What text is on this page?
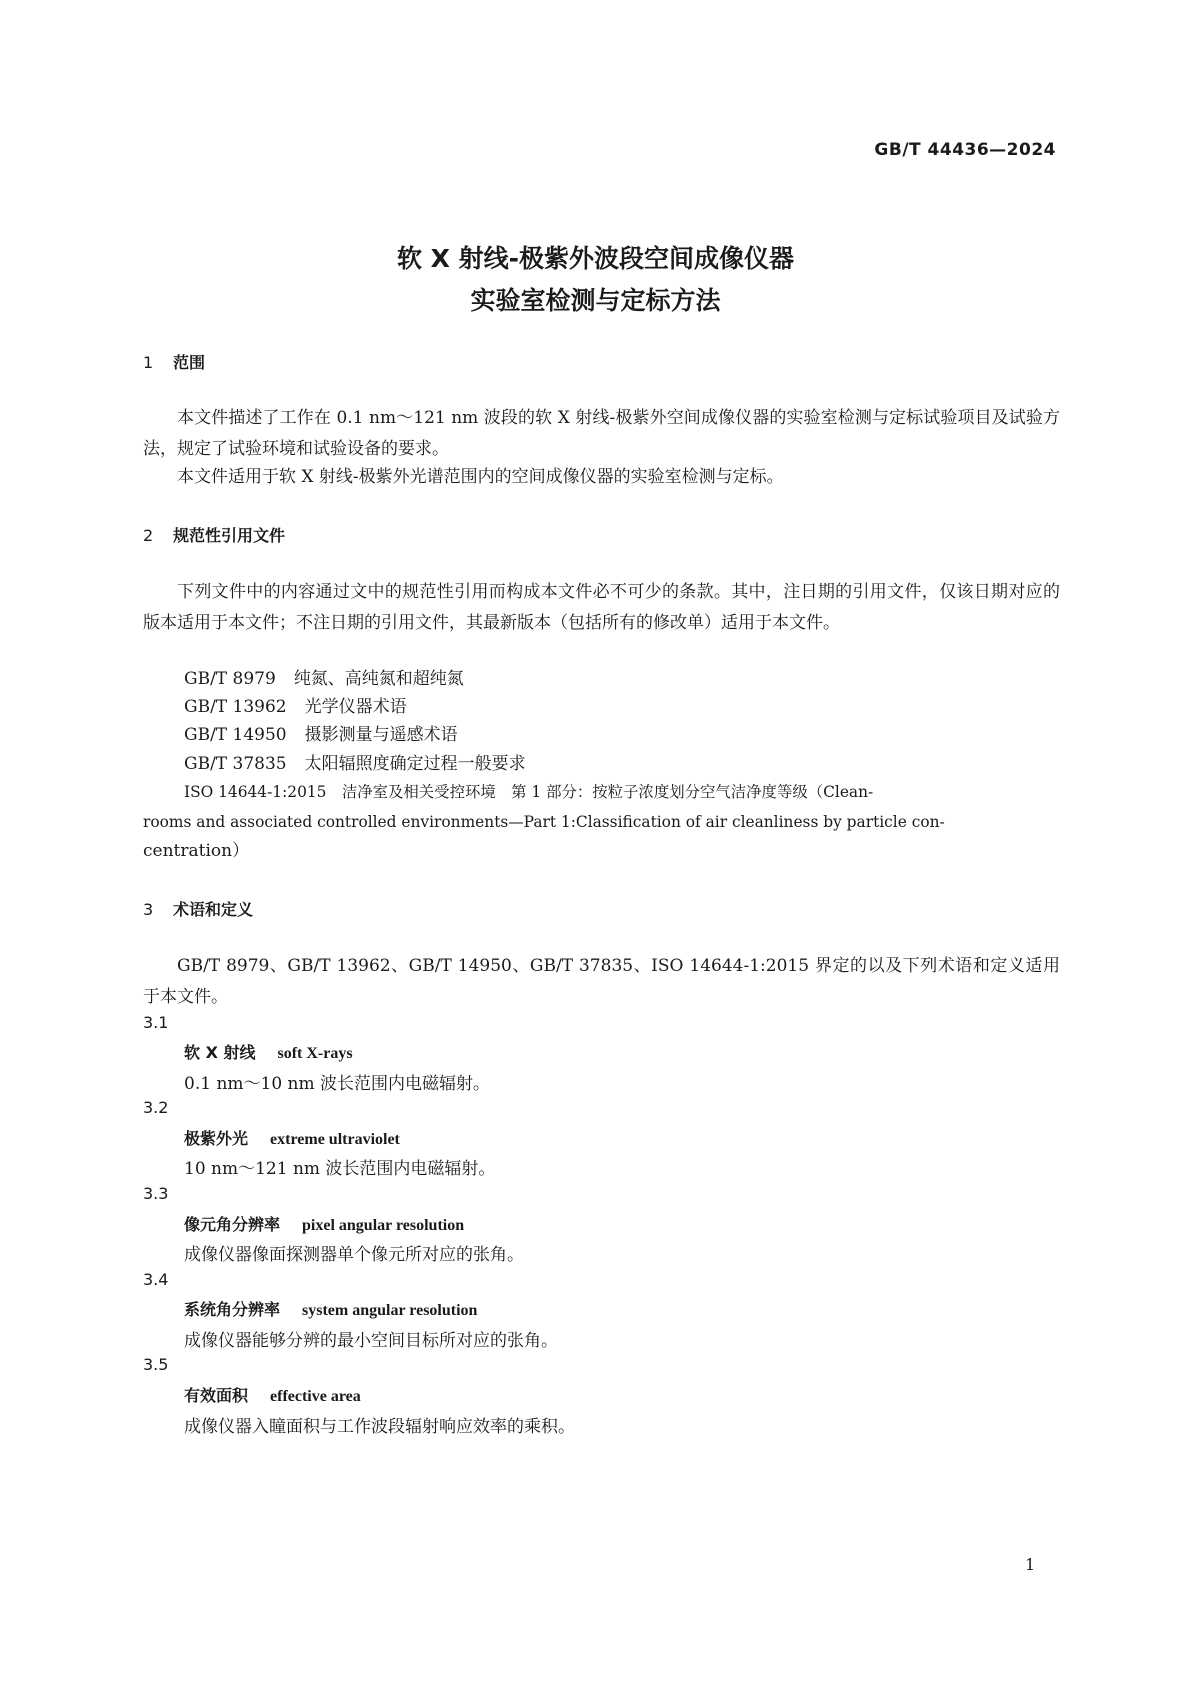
GB/T 44436—2024
软 X 射线-极紫外波段空间成像仪器
实验室检测与定标方法
1 范围
本文件描述了工作在 0.1 nm～121 nm 波段的软 X 射线-极紫外空间成像仪器的实验室检测与定标试验项目及试验方法，规定了试验环境和试验设备的要求。
本文件适用于软 X 射线-极紫外光谱范围内的空间成像仪器的实验室检测与定标。
2 规范性引用文件
下列文件中的内容通过文中的规范性引用而构成本文件必不可少的条款。其中，注日期的引用文件，仅该日期对应的版本适用于本文件；不注日期的引用文件，其最新版本（包括所有的修改单）适用于本文件。
GB/T 8979 纯氮、高纯氮和超纯氮
GB/T 13962 光学仪器术语
GB/T 14950 摄影测量与遥感术语
GB/T 37835 太阳辐照度确定过程一般要求
ISO 14644-1:2015　洁净室及相关受控环境　第 1 部分：按粒子浓度划分空气洁净度等级（Clean-
rooms and associated controlled environments—Part 1:Classification of air cleanliness by particle con-
centration）
3 术语和定义
GB/T 8979、GB/T 13962、GB/T 14950、GB/T 37835、ISO 14644-1:2015 界定的以及下列术语和定义适用于本文件。
3.1
软 X 射线 soft X-rays
0.1 nm～10 nm 波长范围内电磁辐射。
3.2
极紫外光 extreme ultraviolet
10 nm～121 nm 波长范围内电磁辐射。
3.3
像元角分辨率 pixel angular resolution
成像仪器像面探测器单个像元所对应的张角。
3.4
系统角分辨率 system angular resolution
成像仪器能够分辨的最小空间目标所对应的张角。
3.5
有效面积 effective area
成像仪器入瞳面积与工作波段辐射响应效率的乘积。
1
